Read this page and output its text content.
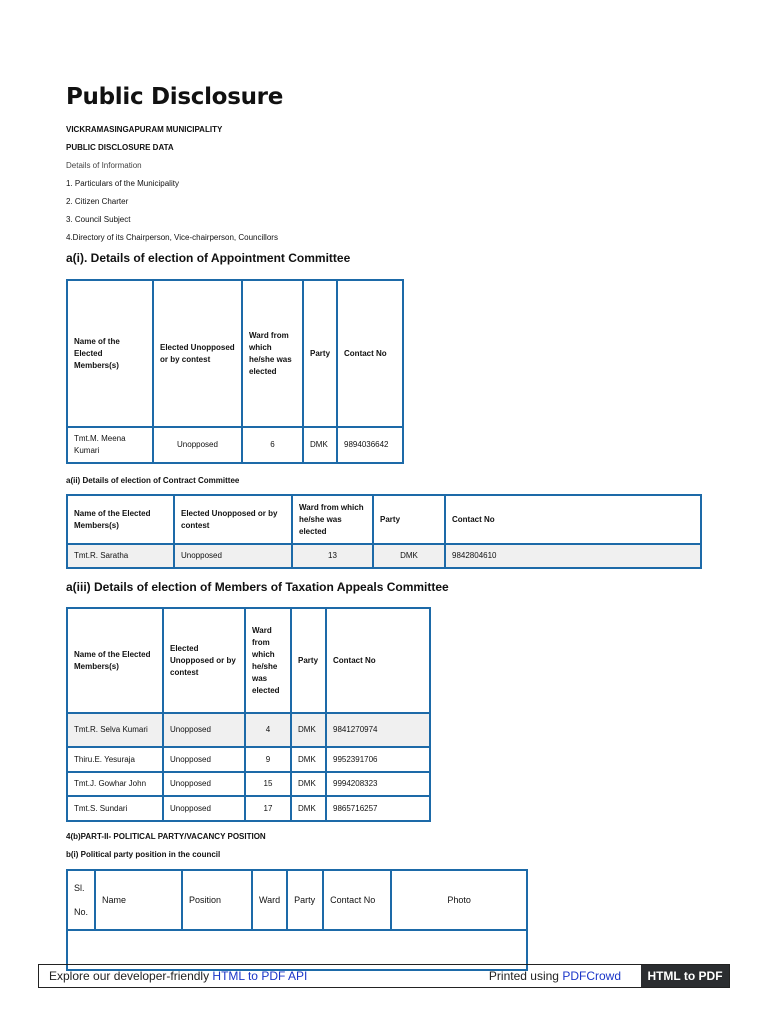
Public Disclosure
VICKRAMASINGAPURAM MUNICIPALITY
PUBLIC DISCLOSURE DATA
Details of Information
1. Particulars of the Municipality
2. Citizen Charter
3. Council Subject
4.Directory of its Chairperson, Vice-chairperson, Councillors
a(i). Details of election of Appointment Committee
Name of the Elected Members(s)	Elected Unopposed or by contest	Ward from which he/she was elected	Party	Contact No
Tmt.M. Meena Kumari	Unopposed	6	DMK	9894036642
a(ii) Details of election of Contract Committee
Name of the Elected Members(s)	Elected Unopposed or by contest	Ward from which he/she was elected	Party	Contact No
Tmt.R. Saratha	Unopposed	13	DMK	9842804610
a(iii) Details of election of Members of Taxation Appeals Committee
Name of the Elected Members(s)	Elected Unopposed or by contest	Ward from which he/she was elected	Party	Contact No
Tmt.R. Selva Kumari	Unopposed	4	DMK	9841270974
Thiru.E. Yesuraja	Unopposed	9	DMK	9952391706
Tmt.J. Gowhar John	Unopposed	15	DMK	9994208323
Tmt.S. Sundari	Unopposed	17	DMK	9865716257
4(b)PART-II- POLITICAL PARTY/VACANCY POSITION
b(i) Political party position in the council
Sl. No.	Name	Position	Ward	Party	Contact No	Photo

Explore our developer-friendly HTML to PDF API	Printed using PDFCrowd	HTML to PDF
